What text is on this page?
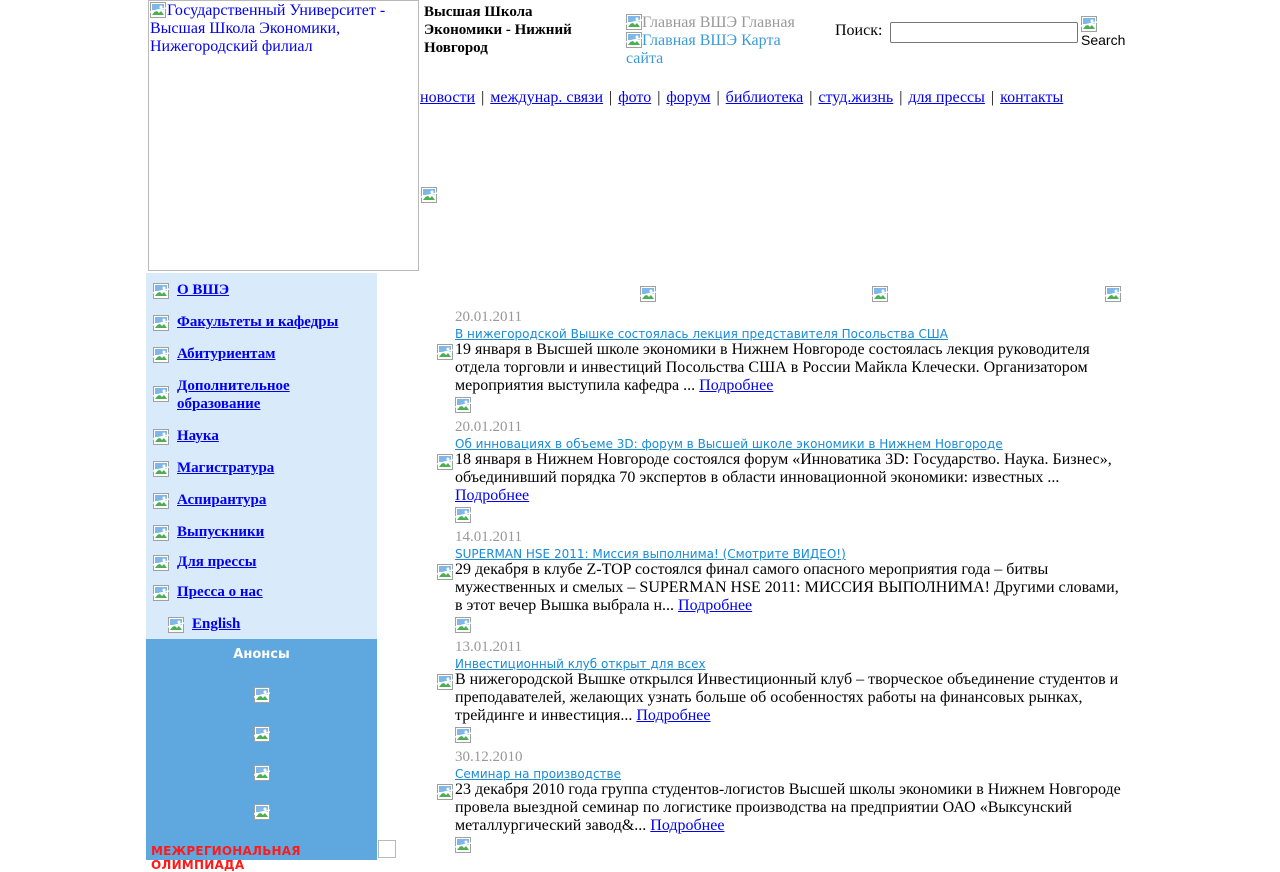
Государственный Университет - Высшая Школа Экономики, Нижегородский филиал
Высшая Школа Экономики - Нижний Новгород
Главная ВШЭ Главная
Главная ВШЭ Карта сайта
Поиск:

Search
новости | междунар. связи | фото | форум | библиотека | студ.жизнь | для прессы | контакты
О ВШЭ
Факультеты и кафедры
Абитуриентам
Дополнительное образование
Наука
Магистратура
Аспирантура
Выпускники
Для прессы
Пресса о нас
English
Анонсы
МЕЖРЕГИОНАЛЬНАЯ ОЛИМПИАДА
20.01.2011
В нижегородской Вышке состоялась лекция представителя Посольства США
19 января в Высшей школе экономики в Нижнем Новгороде состоялась лекция руководителя отдела торговли и инвестиций Посольства США в России Майкла Клечески. Организатором мероприятия выступила кафедра ... Подробнее
20.01.2011
Об инновациях в объеме 3D: форум в Высшей школе экономики в Нижнем Новгороде
18 января в Нижнем Новгороде состоялся форум «Инноватика 3D: Государство. Наука. Бизнес», объединивший порядка 70 экспертов в области инновационной экономики: известных ... Подробнее
14.01.2011
SUPERMAN HSE 2011: Миссия выполнима! (Смотрите ВИДЕО!)
29 декабря в клубе Z-TOP состоялся финал самого опасного мероприятия года – битвы мужественных и смелых – SUPERMAN HSE 2011: МИССИЯ ВЫПОЛНИМА! Другими словами, в этот вечер Вышка выбрала н... Подробнее
13.01.2011
Инвестиционный клуб открыт для всех
В нижегородской Вышке открылся Инвестиционный клуб – творческое объединение студентов и преподавателей, желающих узнать больше об особенностях работы на финансовых рынках, трейдинге и инвестиция... Подробнее
30.12.2010
Семинар на производстве
23 декабря 2010 года группа студентов-логистов Высшей школы экономики в Нижнем Новгороде провела выездной семинар по логистике производства на предприятии ОАО «Выксунский металлургический завод&... Подробнее
